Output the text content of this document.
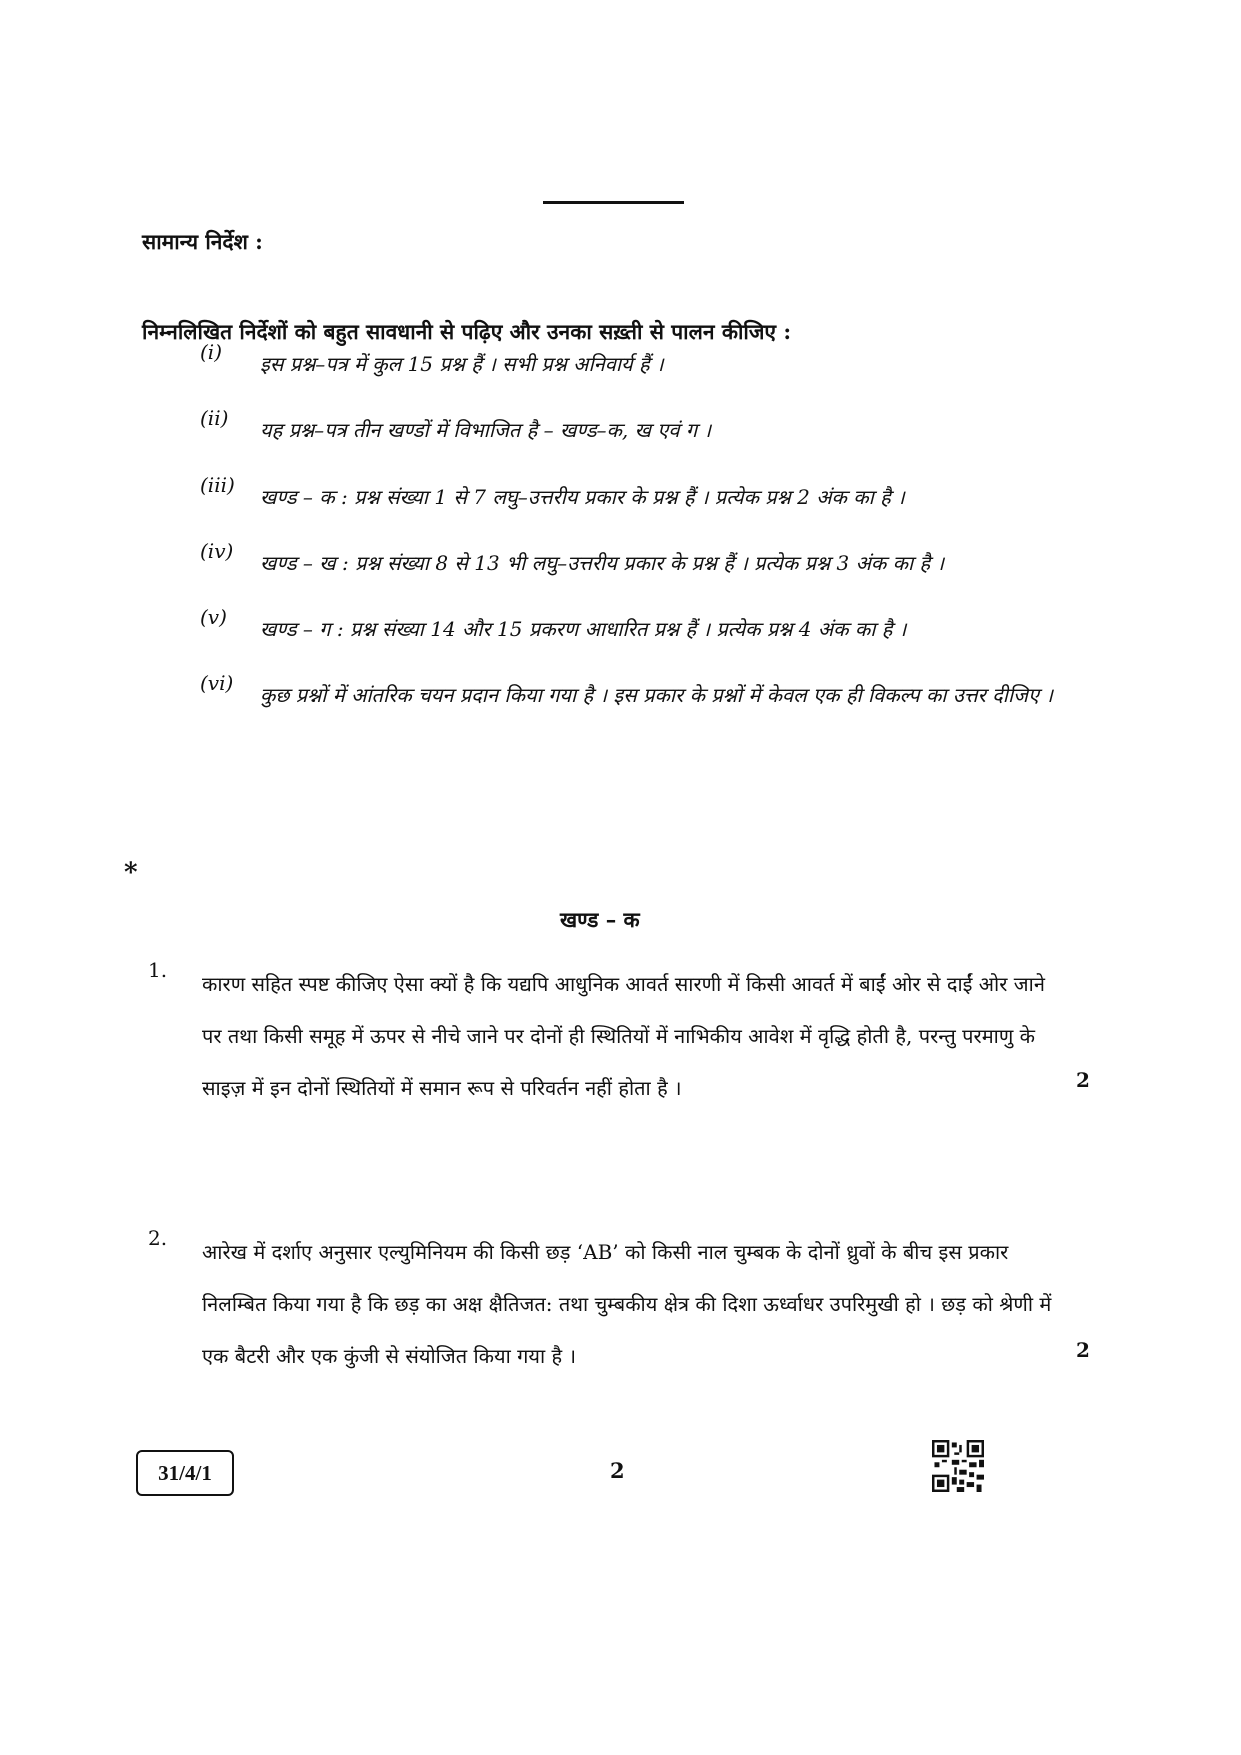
सामान्य निर्देश :
निम्नलिखित निर्देशों को बहुत सावधानी से पढ़िए और उनका सख़्ती से पालन कीजिए :
(i)	इस प्रश्न–पत्र में कुल 15 प्रश्न हैं । सभी प्रश्न अनिवार्य हैं ।
(ii)	यह प्रश्न–पत्र तीन खण्डों में विभाजित है – खण्ड–क, ख एवं ग ।
(iii)	खण्ड – क : प्रश्न संख्या 1 से 7 लघु–उत्तरीय प्रकार के प्रश्न हैं । प्रत्येक प्रश्न 2 अंक का है ।
(iv)	खण्ड – ख : प्रश्न संख्या 8 से 13 भी लघु–उत्तरीय प्रकार के प्रश्न हैं । प्रत्येक प्रश्न 3 अंक का है ।
(v)	खण्ड – ग : प्रश्न संख्या 14 और 15 प्रकरण आधारित प्रश्न हैं । प्रत्येक प्रश्न 4 अंक का है ।
(vi)	कुछ प्रश्नों में आंतरिक चयन प्रदान किया गया है । इस प्रकार के प्रश्नों में केवल एक ही विकल्प का उत्तर दीजिए ।
*
खण्ड – क
1.
कारण सहित स्पष्ट कीजिए ऐसा क्यों है कि यद्यपि आधुनिक आवर्त सारणी में किसी आवर्त में बाईं ओर से दाईं ओर जाने पर तथा किसी समूह में ऊपर से नीचे जाने पर दोनों ही स्थितियों में नाभिकीय आवेश में वृद्धि होती है, परन्तु परमाणु के साइज़ में इन दोनों स्थितियों में समान रूप से परिवर्तन नहीं होता है ।	2
2.
आरेख में दर्शाए अनुसार एल्युमिनियम की किसी छड़ ‘AB’ को किसी नाल चुम्बक के दोनों ध्रुवों के बीच इस प्रकार निलम्बित किया गया है कि छड़ का अक्ष क्षैतिजत: तथा चुम्बकीय क्षेत्र की दिशा ऊर्ध्वाधर उपरिमुखी हो । छड़ को श्रेणी में एक बैटरी और एक कुंजी से संयोजित किया गया है ।	2
31/4/1	2
